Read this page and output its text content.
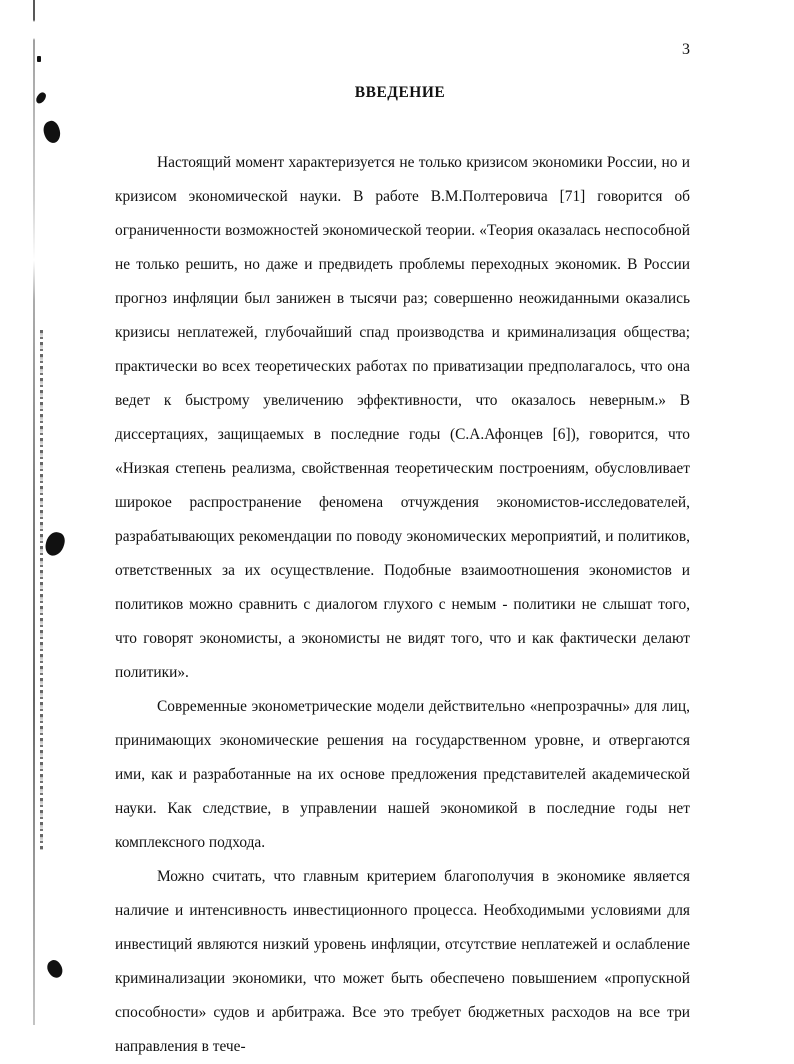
3
ВВЕДЕНИЕ

Настоящий момент характеризуется не только кризисом экономики России, но и кризисом экономической науки. В работе В.М.Полтеровича [71] говорится об ограниченности возможностей экономической теории. «Теория оказалась неспособной не только решить, но даже и предвидеть проблемы переходных экономик. В России прогноз инфляции был занижен в тысячи раз; совершенно неожиданными оказались кризисы неплатежей, глубочайший спад производства и криминализация общества; практически во всех теоретических работах по приватизации предполагалось, что она ведет к быстрому увеличению эффективности, что оказалось неверным.» В диссертациях, защищаемых в последние годы (С.А.Афонцев [6]), говорится, что «Низкая степень реализма, свойственная теоретическим построениям, обусловливает широкое распространение феномена отчуждения экономистов-исследователей, разрабатывающих рекомендации по поводу экономических мероприятий, и политиков, ответственных за их осуществление. Подобные взаимоотношения экономистов и политиков можно сравнить с диалогом глухого с немым - политики не слышат того, что говорят экономисты, а экономисты не видят того, что и как фактически делают политики».

Современные эконометрические модели действительно «непрозрачны» для лиц, принимающих экономические решения на государственном уровне, и отвергаются ими, как и разработанные на их основе предложения представителей академической науки. Как следствие, в управлении нашей экономикой в последние годы нет комплексного подхода.

Можно считать, что главным критерием благополучия в экономике является наличие и интенсивность инвестиционного процесса. Необходимыми условиями для инвестиций являются низкий уровень инфляции, отсутствие неплатежей и ослабление криминализации экономики, что может быть обеспечено повышением «пропускной способности» судов и арбитража. Все это требует бюджетных расходов на все три направления в тече-
